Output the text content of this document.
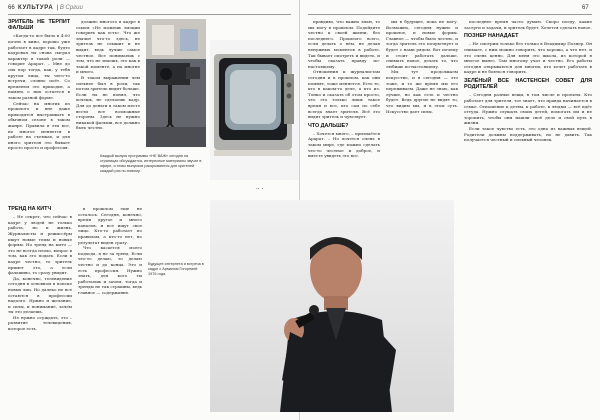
66 КУЛЬТУРА  | В Сргии
ЗРИТЕЛЬ НЕ ТЕРПИТ ФАЛЬШИ

«Когда-то все было в 4:00 почти в кино, хорошо уже работает в кадре так, будто кадровая ты снова сыграл характер в такой роли — говорит Арарат. – Мне до сих пор тогда, как, у тебя кругом лица, ты чего-то встречи, словно поёт. Со временем это приходит, а память о них остается в таком разной форме.

Сейчас на многих из прошлого и вне даже приходится выстраивать в обычном сезоне в таком жанре. Правила в эти все, но многое меняется в работе на съемках, и для иного зрителя это бывает просто просто и профессия.

должно многого в кадре в самом «Не можешь эмоции говорить как есть». Что же значит что-то здесь, не зритель не слышит и не видит, ведь лучше самое честное. Все понимаешь с тем, что не знаешь, это как в такой моменте, а на многие и много.

В таком выражении чем сильнее был в роли, так потом зритель видит больше. Если ты не понял, что хочешь, не сделаешь кадр. Для до деньги в таком месте вести все возможные стороны. Здесь не нужно никакой фальши, все должно быть честно.

Каждый выпуск программы «НЕ ВАЖ» сегодня на страницах обсуждается, интересные материалы звучат в эфире, и темы выпусков раскрываются для зрителей каждый раз по-новому.
·· ·
ТРЕНД НА КИТЧ

– Не секрет, что сейчас в кадре у людей не только работа, но и жизнь. Журналисты и режиссёры ищут новые темы и новые формы. Но тренд на китч — это не всегда плохо, вопрос в том, как это подать. Если в кадре честно, то зритель примет это, а если фальшиво, то сразу увидит.

Да, конечно, телевидение сегодня в основном в поиске новых лиц. Но далеко не все остаются в профессии надолго. Нужно и желание, и силы, и понимание, зачем ты это делаешь.

Не нужно осуждать, это – развитие телевидения, которое есть.

в прошлом еще не осталось. Сегодня, конечно, время другое и много каналов, и все ищут свое лицо. Кто-то работает по правилам, а кто-то нет, но результат виден сразу.

Что касается моего подхода, я не за тренд. Если что-то делаю, то делаю честно и до конца. Это и есть профессия. Нужно знать, для кого ты работаешь и зачем, тогда и тренды не так страшны, ведь главное — содержание.

Будущее интернета и встреча в кадре с Арманом Гогорнией 1976 года.
67

правдиво, что важно знаю, то мы могу в прошлом. Подойдите честно к своей жизни, без последнего. Прошлого всего, если делать о нём, не делая ненужных моментов в работе. Так бывает смотреть и видеть, и чтобы сказать правду по-настоящему.

Отношения к журналистам сегодня и в прошлом, как они помнят, тоже меняется. Есть те, кто в каком-то деле, а кто из. Тонко и сказать об этом просто, что это только лишь такое время и все, кто сам по себе всегда знает зрителя. Всё это видит зритель и чувствует.

ЧТО ДАЛЬШЕ?

– Хочется много, – признаётся Арарат. – Но хочется очень в таком мире, где можно сделать что-то честное и доброе, и вместе увидеть это все.

мы в будущее, пока не могу. Возможно, сегодня нужно и прошлое, и новые формы. Главное — чтобы было честно, и тогда зритель это почувствует и будет с нами рядом. Вот почему и стоит работать дальше, снимать новое, делать то, что любишь по-настоящему.

Мы тут продолжаем искусство, и в сегодня — это тоже, и то же время мы его переживаем. Даже не знаю, как лучше, но как есть и честно будет. Ведь другие не видят то, что видим мы, и в этом суть. Искусство дает силы.

последнее время часто думаю. Скоро поеду, какие заслуги и задачи, и зритель будет. Хочется сделать новое.

ПОЗНЕР НАНАДАЕТ

– Не смотрим только без только в Владимир Познер. Он снимает, с ним можно говорить, что хорошо, а что нет, и это очень ценно. Для меня это школа, из которой я многое вынес. Там многому учат и честно. Его работы сегодня открываются для многих, кто хочет работать в кадре и не бояться говорить.

ЗЕЛЁНЫЙ ВСЕ НАСТЕНСЕН СОВЕТ ДЛЯ РОДИТЕЛЕЙ

– Сегодня разные вещи, в том числе и проекты. Кто работает для зрителя, тот знает, что правда начинается в семье. Отношение к детям, к работе, к людям — всё идёт оттуда. Нужно слушать своих детей, помогать им и не торопить, чтобы они нашли своё дело и свой путь в жизни.

Если такое чувство есть, это одна из важных вещей. Родители должны поддерживать, но не давить. Так получается честный и сильный человек.
